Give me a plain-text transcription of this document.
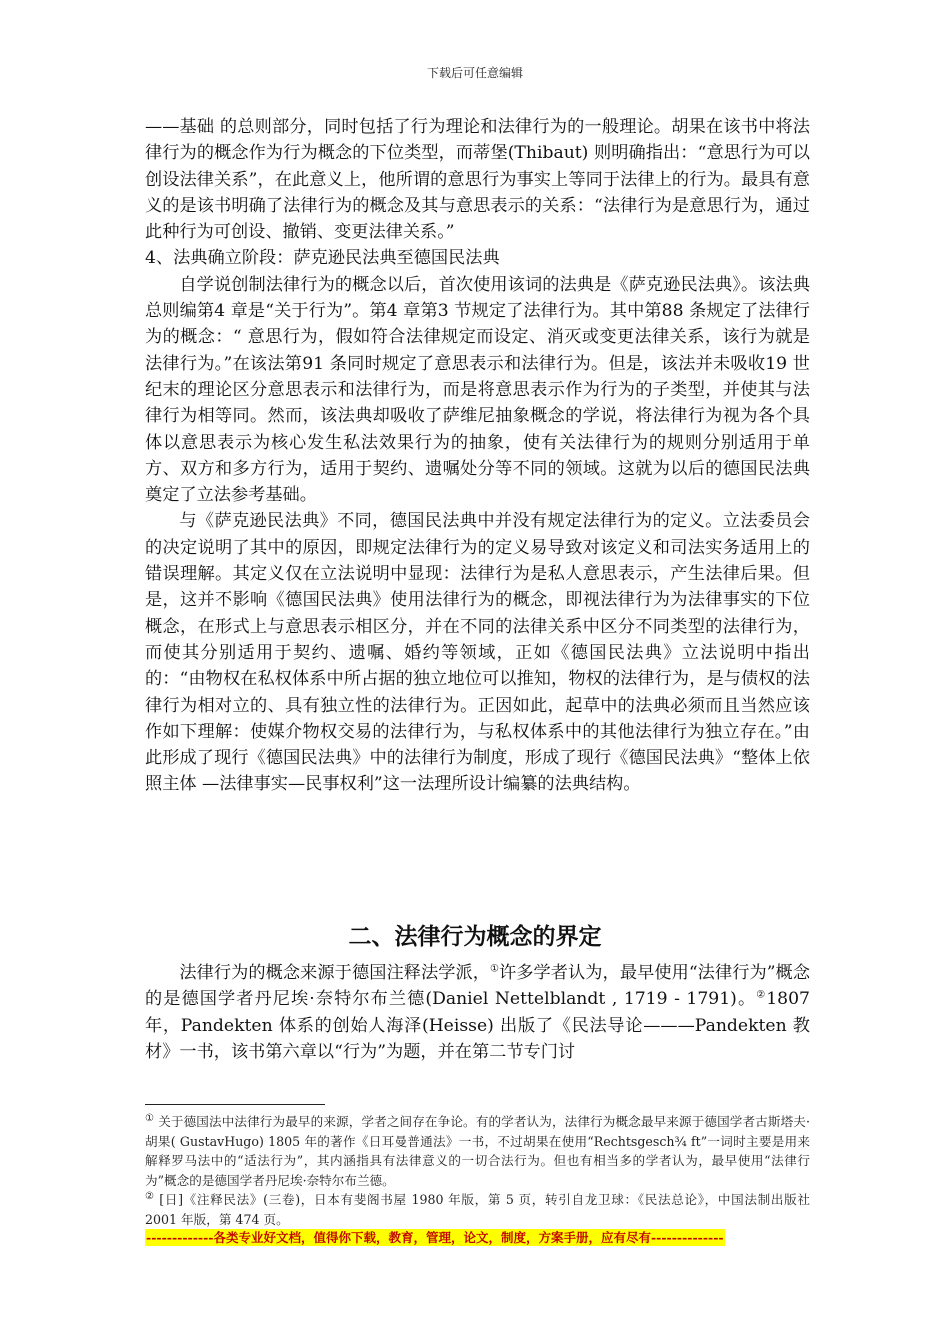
下载后可任意编辑

——基础 的总则部分，同时包括了行为理论和法律行为的一般理论。胡果在该书中将法律行为的概念作为行为概念的下位类型，而蒂堡(Thibaut) 则明确指出：“意思行为可以创设法律关系”，在此意义上，他所谓的意思行为事实上等同于法律上的行为。最具有意义的是该书明确了法律行为的概念及其与意思表示的关系：“法律行为是意思行为，通过此种行为可创设、撤销、变更法律关系。”

4、法典确立阶段：萨克逊民法典至德国民法典

自学说创制法律行为的概念以后，首次使用该词的法典是《萨克逊民法典》。该法典总则编第4 章是“关于行为”。第4 章第3 节规定了法律行为。其中第88 条规定了法律行为的概念：“ 意思行为，假如符合法律规定而设定、消灭或变更法律关系，该行为就是法律行为。”在该法第91 条同时规定了意思表示和法律行为。但是，该法并未吸收19 世纪末的理论区分意思表示和法律行为，而是将意思表示作为行为的子类型，并使其与法律行为相等同。然而，该法典却吸收了萨维尼抽象概念的学说，将法律行为视为各个具体以意思表示为核心发生私法效果行为的抽象，使有关法律行为的规则分别适用于单方、双方和多方行为，适用于契约、遗嘱处分等不同的领域。这就为以后的德国民法典奠定了立法参考基础。

与《萨克逊民法典》不同，德国民法典中并没有规定法律行为的定义。立法委员会的决定说明了其中的原因，即规定法律行为的定义易导致对该定义和司法实务适用上的错误理解。其定义仅在立法说明中显现：法律行为是私人意思表示，产生法律后果。但是，这并不影响《德国民法典》使用法律行为的概念，即视法律行为为法律事实的下位概念，在形式上与意思表示相区分，并在不同的法律关系中区分不同类型的法律行为，而使其分别适用于契约、遗嘱、婚约等领域，正如《德国民法典》立法说明中指出的：“由物权在私权体系中所占据的独立地位可以推知，物权的法律行为，是与债权的法律行为相对立的、具有独立性的法律行为。正因如此，起草中的法典必须而且当然应该作如下理解：使媒介物权交易的法律行为，与私权体系中的其他法律行为独立存在。”由此形成了现行《德国民法典》中的法律行为制度，形成了现行《德国民法典》“整体上依照主体 —法律事实—民事权利”这一法理所设计编纂的法典结构。

二、法律行为概念的界定

法律行为的概念来源于德国注释法学派，①许多学者认为，最早使用“法律行为”概念的是德国学者丹尼埃·奈特尔布兰德(Daniel Nettelblandt , 1719 - 1791)。②1807 年，Pandekten 体系的创始人海泽(Heisse) 出版了《民法导论———Pandekten 教材》一书，该书第六章以“行为”为题，并在第二节专门讨

① 关于德国法中法律行为最早的来源，学者之间存在争论。有的学者认为，法律行为概念最早来源于德国学者古斯塔夫·胡果( GustavHugo) 1805 年的著作《日耳曼普通法》一书，不过胡果在使用“Rechtsgesch¾ ft”一词时主要是用来解释罗马法中的“适法行为”，其内涵指具有法律意义的一切合法行为。但也有相当多的学者认为，最早使用“法律行为”概念的是德国学者丹尼埃·奈特尔布兰德。

② [日]《注释民法》(三卷)，日本有斐阁书屋 1980 年版，第 5 页，转引自龙卫球：《民法总论》，中国法制出版社 2001 年版，第 474 页。

-------------各类专业好文档，值得你下载，教育，管理，论文，制度，方案手册，应有尽有--------------
